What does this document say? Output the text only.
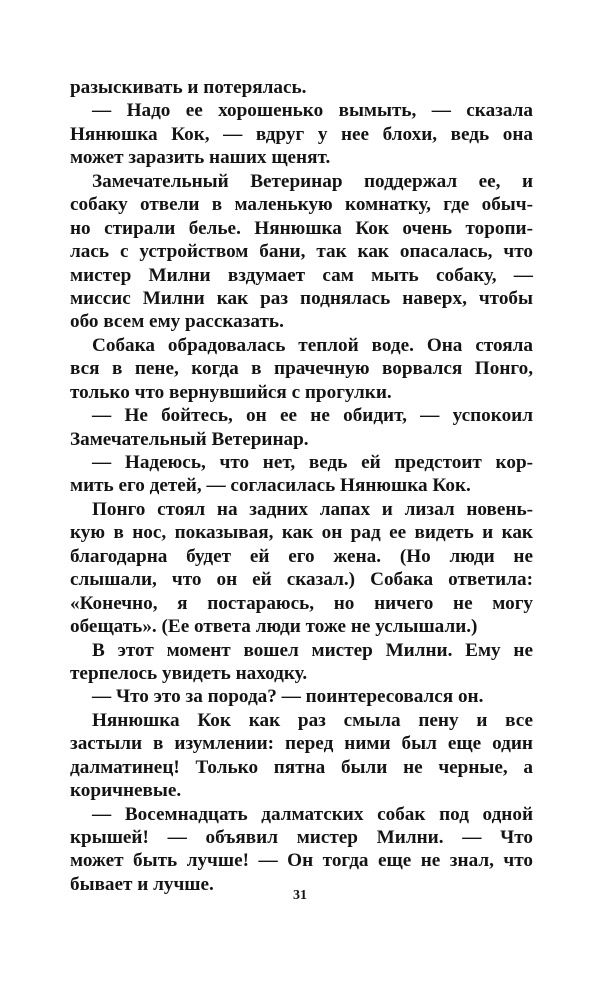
разыскивать и потерялась.
— Надо ее хорошенько вымыть, — сказала
Нянюшка Кок, — вдруг у нее блохи, ведь она
может заразить наших щенят.
Замечательный Ветеринар поддержал ее, и
собаку отвели в маленькую комнатку, где обыч-
но стирали белье. Нянюшка Кок очень торопи-
лась с устройством бани, так как опасалась, что
мистер Милни вздумает сам мыть собаку, —
миссис Милни как раз поднялась наверх, чтобы
обо всем ему рассказать.
Собака обрадовалась теплой воде. Она стояла
вся в пене, когда в прачечную ворвался Понго,
только что вернувшийся с прогулки.
— Не бойтесь, он ее не обидит, — успокоил
Замечательный Ветеринар.
— Надеюсь, что нет, ведь ей предстоит кор-
мить его детей, — согласилась Нянюшка Кок.
Понго стоял на задних лапах и лизал новень-
кую в нос, показывая, как он рад ее видеть и как
благодарна будет ей его жена. (Но люди не
слышали, что он ей сказал.) Собака ответила:
«Конечно, я постараюсь, но ничего не могу
обещать». (Ее ответа люди тоже не услышали.)
В этот момент вошел мистер Милни. Ему не
терпелось увидеть находку.
— Что это за порода? — поинтересовался он.
Нянюшка Кок как раз смыла пену и все
застыли в изумлении: перед ними был еще один
далматинец! Только пятна были не черные, а
коричневые.
— Восемнадцать далматских собак под одной
крышей! — объявил мистер Милни. — Что
может быть лучше! — Он тогда еще не знал, что
бывает и лучше.
31
